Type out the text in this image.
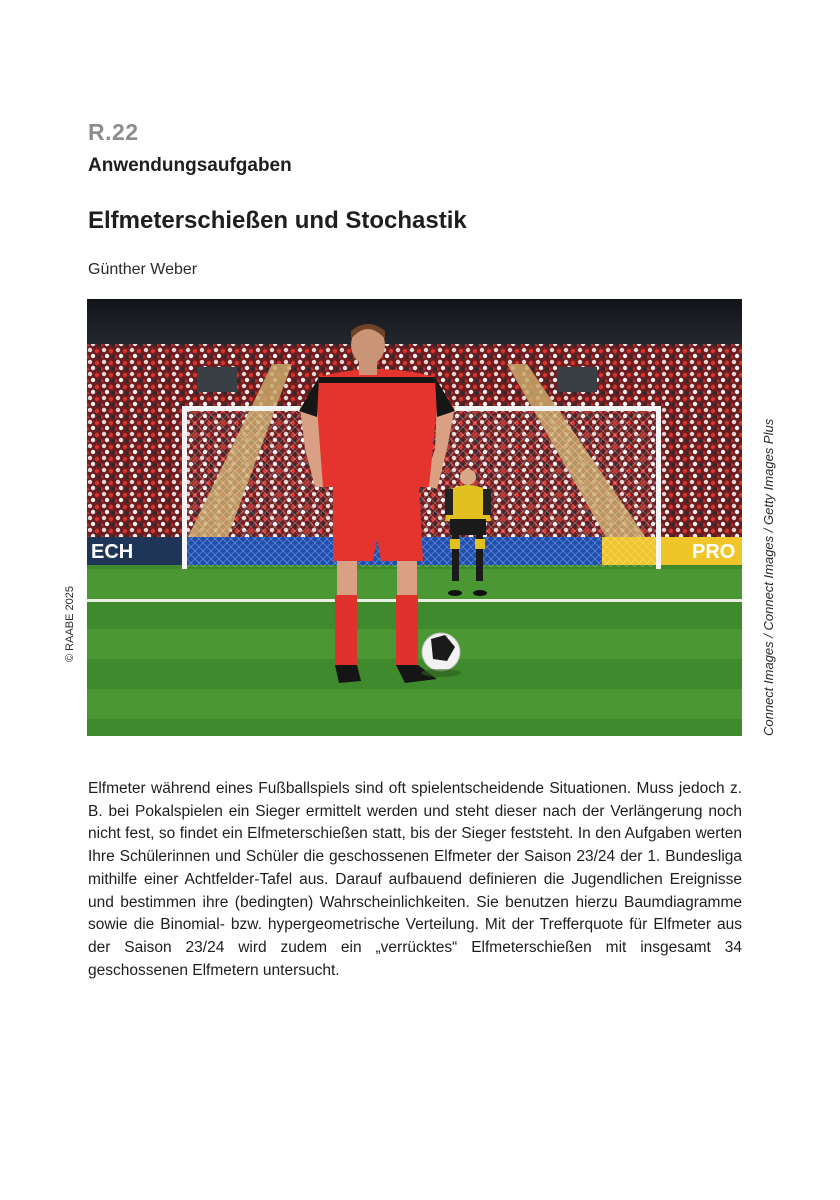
R.22
Anwendungsaufgaben
Elfmeterschießen und Stochastik
Günther Weber
ECH	PRO Connect Images / Connect Images / Getty Images Plus
© RAABE 2025
Elfmeter während eines Fußballspiels sind oft spielentscheidende Situationen. Muss jedoch z. B. bei Pokalspielen ein Sieger ermittelt werden und steht dieser nach der Verlängerung noch nicht fest, so findet ein Elfmeterschießen statt, bis der Sieger feststeht. In den Aufgaben werten Ihre Schülerinnen und Schüler die geschossenen Elfmeter der Saison 23/24 der 1. Bundesliga mithilfe einer Achtfelder-Tafel aus. Darauf aufbauend definieren die Jugendlichen Ereignisse und bestimmen ihre (bedingten) Wahrscheinlichkeiten. Sie benutzen hierzu Baumdiagramme sowie die Binomial- bzw. hypergeometrische Verteilung. Mit der Trefferquote für Elfmeter aus der Saison 23/24 wird zudem ein „verrücktes“ Elfmeterschießen mit insgesamt 34 geschossenen Elfmetern untersucht.
